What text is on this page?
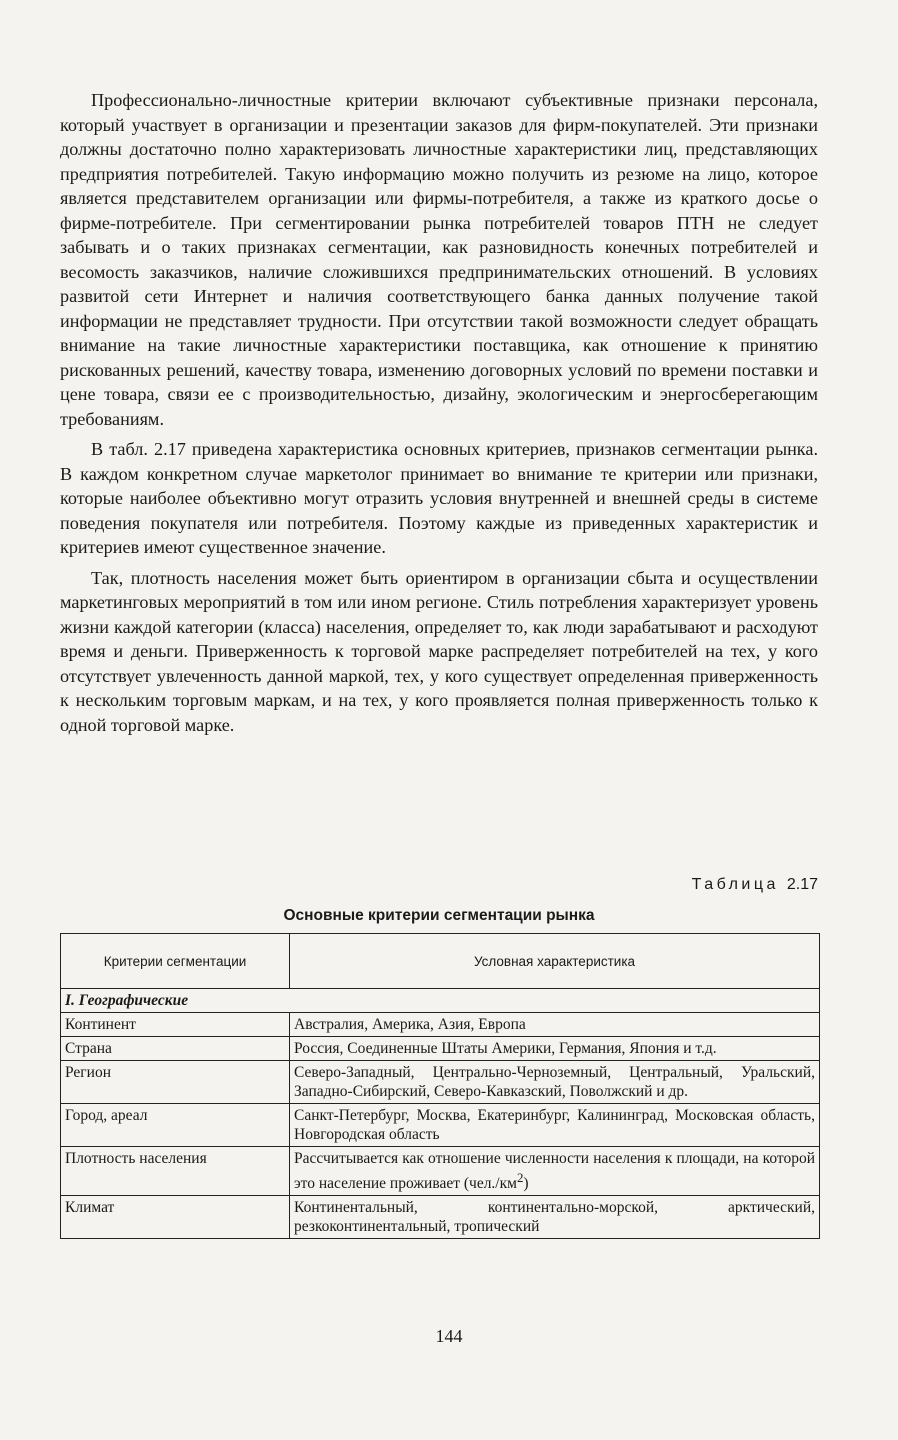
Профессионально-личностные критерии включают субъективные признаки персонала, который участвует в организации и презентации заказов для фирм-покупателей. Эти признаки должны достаточно полно характеризовать личностные характеристики лиц, представляющих предприятия потребителей. Такую информацию можно получить из резюме на лицо, которое является представителем организации или фирмы-потребителя, а также из краткого досье о фирме-потребителе. При сегментировании рынка потребителей товаров ПТН не следует забывать и о таких признаках сегментации, как разновидность конечных потребителей и весомость заказчиков, наличие сложившихся предпринимательских отношений. В условиях развитой сети Интернет и наличия соответствующего банка данных получение такой информации не представляет трудности. При отсутствии такой возможности следует обращать внимание на такие личностные характеристики поставщика, как отношение к принятию рискованных решений, качеству товара, изменению договорных условий по времени поставки и цене товара, связи ее с производительностью, дизайну, экологическим и энергосберегающим требованиям.

В табл. 2.17 приведена характеристика основных критериев, признаков сегментации рынка. В каждом конкретном случае маркетолог принимает во внимание те критерии или признаки, которые наиболее объективно могут отразить условия внутренней и внешней среды в системе поведения покупателя или потребителя. Поэтому каждые из приведенных характеристик и критериев имеют существенное значение.

Так, плотность населения может быть ориентиром в организации сбыта и осуществлении маркетинговых мероприятий в том или ином регионе. Стиль потребления характеризует уровень жизни каждой категории (класса) населения, определяет то, как люди зарабатывают и расходуют время и деньги. Приверженность к торговой марке распределяет потребителей на тех, у кого отсутствует увлеченность данной маркой, тех, у кого существует определенная приверженность к нескольким торговым маркам, и на тех, у кого проявляется полная приверженность только к одной торговой марке.

Таблица 2.17
Основные критерии сегментации рынка
Критерии сегментации	Условная характеристика
I. Географические	
Континент	Австралия, Америка, Азия, Европа
Страна	Россия, Соединенные Штаты Америки, Германия, Япония и т.д.
Регион	Северо-Западный, Центрально-Черноземный, Центральный, Уральский, Западно-Сибирский, Северо-Кавказский, Поволжский и др.
Город, ареал	Санкт-Петербург, Москва, Екатеринбург, Калининград, Московская область, Новгородская область
Плотность населения	Рассчитывается как отношение численности населения к площади, на которой это население проживает $(чел./км^2)$
Климат	Континентальный, континентально-морской, арктический, резкоконтинентальный, тропический
144
